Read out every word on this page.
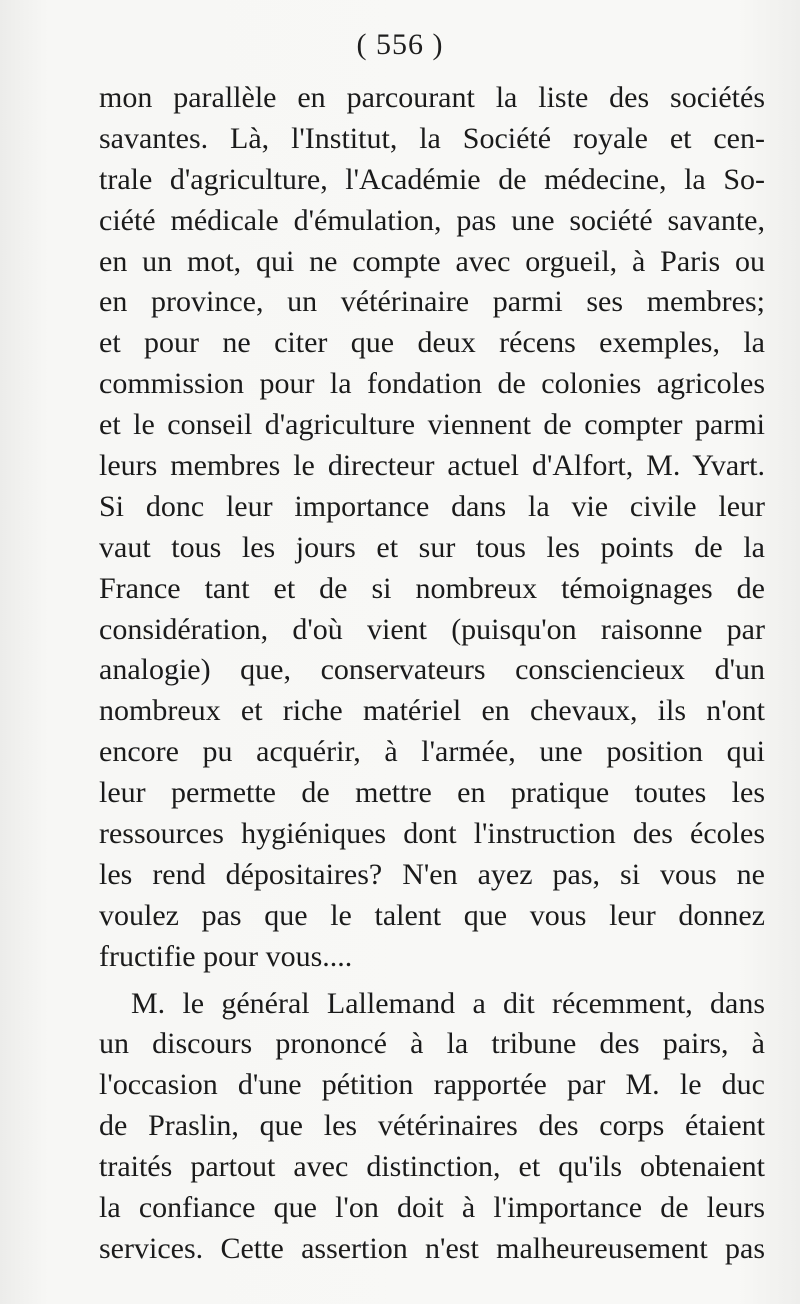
( 556 )
mon parallèle en parcourant la liste des sociétés
savantes. Là, l'Institut, la Société royale et cen-
trale d'agriculture, l'Académie de médecine, la So-
ciété médicale d'émulation, pas une société savante,
en un mot, qui ne compte avec orgueil, à Paris ou
en province, un vétérinaire parmi ses membres;
et pour ne citer que deux récens exemples, la
commission pour la fondation de colonies agricoles
et le conseil d'agriculture viennent de compter parmi
leurs membres le directeur actuel d'Alfort, M. Yvart.
Si donc leur importance dans la vie civile leur
vaut tous les jours et sur tous les points de la
France tant et de si nombreux témoignages de
considération, d'où vient (puisqu'on raisonne par
analogie) que, conservateurs consciencieux d'un
nombreux et riche matériel en chevaux, ils n'ont
encore pu acquérir, à l'armée, une position qui
leur permette de mettre en pratique toutes les
ressources hygiéniques dont l'instruction des écoles
les rend dépositaires? N'en ayez pas, si vous ne
voulez pas que le talent que vous leur donnez
fructifie pour vous....
M. le général Lallemand a dit récemment, dans
un discours prononcé à la tribune des pairs, à
l'occasion d'une pétition rapportée par M. le duc
de Praslin, que les vétérinaires des corps étaient
traités partout avec distinction, et qu'ils obtenaient
la confiance que l'on doit à l'importance de leurs
services. Cette assertion n'est malheureusement pas
